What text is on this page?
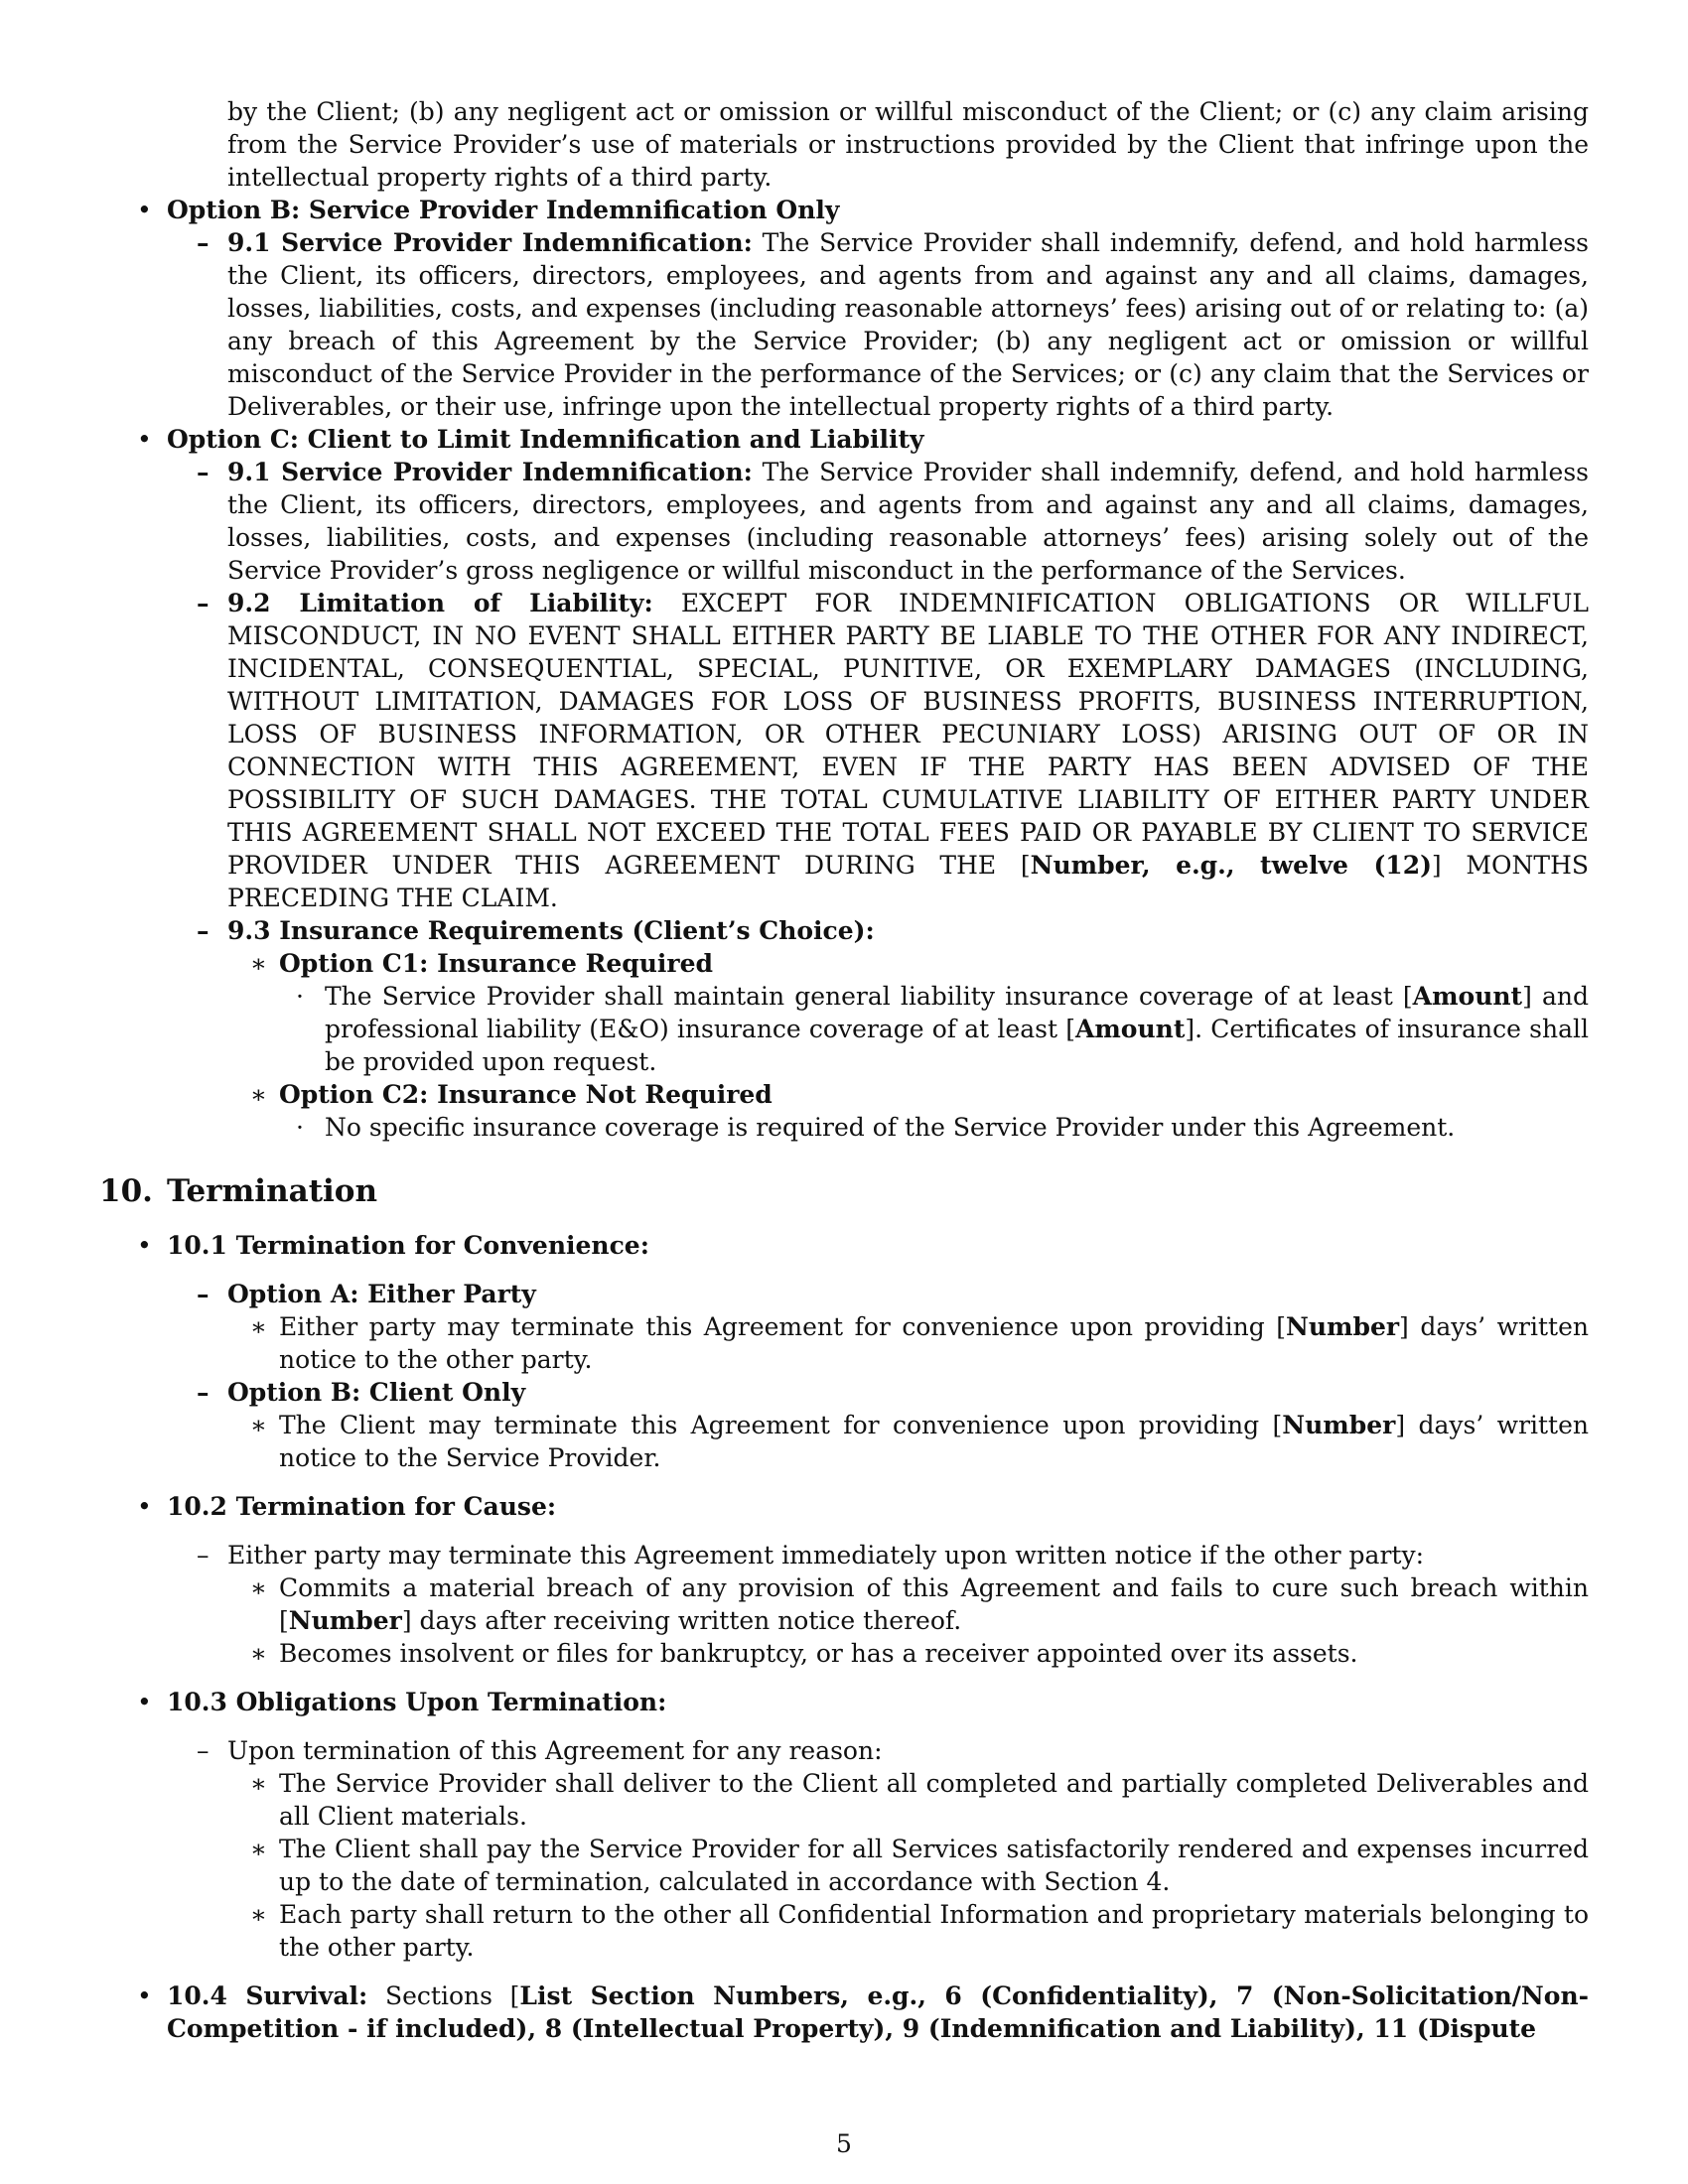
by the Client; (b) any negligent act or omission or willful misconduct of the Client; or (c) any claim arising from the Service Provider’s use of materials or instructions provided by the Client that infringe upon the intellectual property rights of a third party.
• Option B: Service Provider Indemnification Only
– 9.1 Service Provider Indemnification: The Service Provider shall indemnify, defend, and hold harmless the Client, its officers, directors, employees, and agents from and against any and all claims, damages, losses, liabilities, costs, and expenses (including reasonable attorneys’ fees) arising out of or relating to: (a) any breach of this Agreement by the Service Provider; (b) any negligent act or omission or willful misconduct of the Service Provider in the performance of the Services; or (c) any claim that the Services or Deliverables, or their use, infringe upon the intellectual property rights of a third party.
• Option C: Client to Limit Indemnification and Liability
– 9.1 Service Provider Indemnification: The Service Provider shall indemnify, defend, and hold harmless the Client, its officers, directors, employees, and agents from and against any and all claims, damages, losses, liabilities, costs, and expenses (including reasonable attorneys’ fees) arising solely out of the Service Provider’s gross negligence or willful misconduct in the performance of the Services.
– 9.2 Limitation of Liability: EXCEPT FOR INDEMNIFICATION OBLIGATIONS OR WILLFUL MISCONDUCT, IN NO EVENT SHALL EITHER PARTY BE LIABLE TO THE OTHER FOR ANY INDIRECT, INCIDENTAL, CONSEQUENTIAL, SPECIAL, PUNITIVE, OR EXEMPLARY DAMAGES (INCLUDING, WITHOUT LIMITATION, DAMAGES FOR LOSS OF BUSINESS PROFITS, BUSINESS INTERRUPTION, LOSS OF BUSINESS INFORMATION, OR OTHER PECUNIARY LOSS) ARISING OUT OF OR IN CONNECTION WITH THIS AGREEMENT, EVEN IF THE PARTY HAS BEEN ADVISED OF THE POSSIBILITY OF SUCH DAMAGES. THE TOTAL CUMULATIVE LIABILITY OF EITHER PARTY UNDER THIS AGREEMENT SHALL NOT EXCEED THE TOTAL FEES PAID OR PAYABLE BY CLIENT TO SERVICE PROVIDER UNDER THIS AGREEMENT DURING THE [Number, e.g., twelve (12)] MONTHS PRECEDING THE CLAIM.
– 9.3 Insurance Requirements (Client’s Choice):
∗ Option C1: Insurance Required
· The Service Provider shall maintain general liability insurance coverage of at least [Amount] and professional liability (E&O) insurance coverage of at least [Amount]. Certificates of insurance shall be provided upon request.
∗ Option C2: Insurance Not Required
· No specific insurance coverage is required of the Service Provider under this Agreement.
10. Termination
• 10.1 Termination for Convenience:
– Option A: Either Party
∗ Either party may terminate this Agreement for convenience upon providing [Number] days’ written notice to the other party.
– Option B: Client Only
∗ The Client may terminate this Agreement for convenience upon providing [Number] days’ written notice to the Service Provider.
• 10.2 Termination for Cause:
– Either party may terminate this Agreement immediately upon written notice if the other party:
∗ Commits a material breach of any provision of this Agreement and fails to cure such breach within [Number] days after receiving written notice thereof.
∗ Becomes insolvent or files for bankruptcy, or has a receiver appointed over its assets.
• 10.3 Obligations Upon Termination:
– Upon termination of this Agreement for any reason:
∗ The Service Provider shall deliver to the Client all completed and partially completed Deliverables and all Client materials.
∗ The Client shall pay the Service Provider for all Services satisfactorily rendered and expenses incurred up to the date of termination, calculated in accordance with Section 4.
∗ Each party shall return to the other all Confidential Information and proprietary materials belonging to the other party.
• 10.4 Survival: Sections [List Section Numbers, e.g., 6 (Confidentiality), 7 (Non-Solicitation/Non-Competition - if included), 8 (Intellectual Property), 9 (Indemnification and Liability), 11 (Dispute
5
